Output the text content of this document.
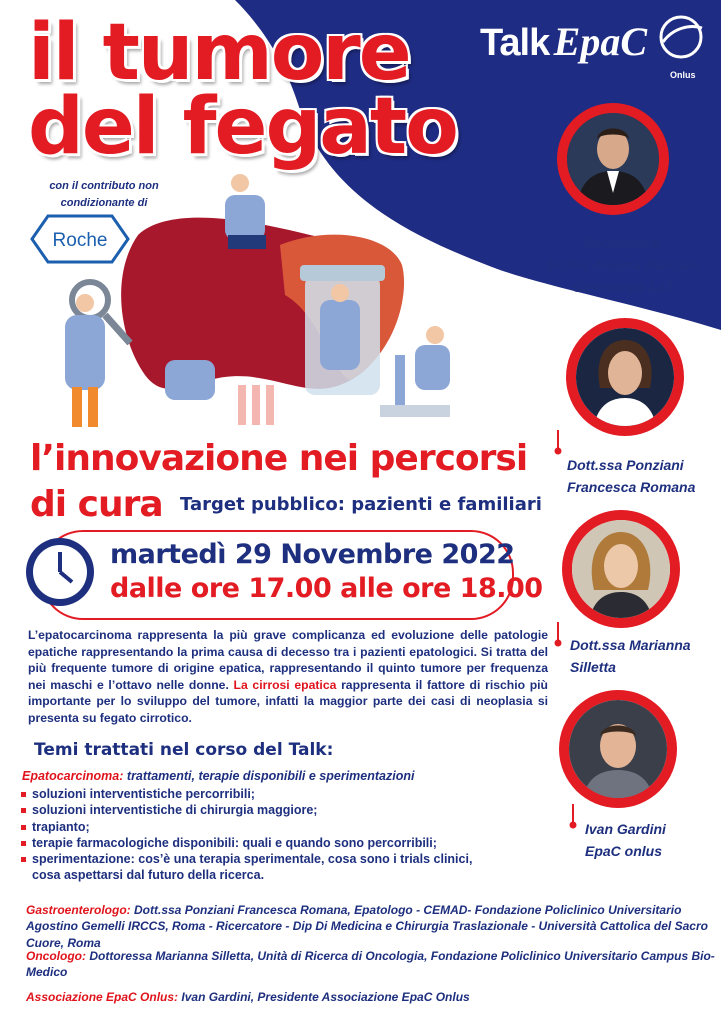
il tumore
del fegato
Talk EpaC
Onlus
con il contributo non
condizionante di
Roche	Moderatore:
Dottor Andrea Pancani
Giornalista La7
Dott.ssa Ponziani
Francesca Romana
Dott.ssa Marianna
Silletta
Ivan Gardini
EpaC onlus
l’innovazione nei percorsi
di cura Target pubblico: pazienti e familiari
martedì 29 Novembre 2022
dalle ore 17.00 alle ore 18.00
L’epatocarcinoma rappresenta la più grave complicanza ed evoluzione delle patologie epatiche rappresentando la prima causa di decesso tra i pazienti epatologici. Si tratta del più frequente tumore di origine epatica, rappresentando il quinto tumore per frequenza nei maschi e l’ottavo nelle donne. La cirrosi epatica rappresenta il fattore di rischio più importante per lo sviluppo del tumore, infatti la maggior parte dei casi di neoplasia si presenta su fegato cirrotico.
Temi trattati nel corso del Talk:
Epatocarcinoma: trattamenti, terapie disponibili e sperimentazioni
soluzioni interventistiche percorribili;
soluzioni interventistiche di chirurgia maggiore;
trapianto;
terapie farmacologiche disponibili: quali e quando sono percorribili;
sperimentazione: cos’è una terapia sperimentale, cosa sono i trials clinici, cosa aspettarsi dal futuro della ricerca.
Gastroenterologo: Dott.ssa Ponziani Francesca Romana, Epatologo - CEMAD- Fondazione Policlinico Universitario Agostino Gemelli IRCCS, Roma - Ricercatore - Dip Di Medicina e Chirurgia Traslazionale - Università Cattolica del Sacro Cuore, Roma
Oncologo: Dottoressa Marianna Silletta, Unità di Ricerca di Oncologia, Fondazione Policlinico Universitario Campus Bio-Medico
Associazione EpaC Onlus: Ivan Gardini, Presidente Associazione EpaC Onlus
